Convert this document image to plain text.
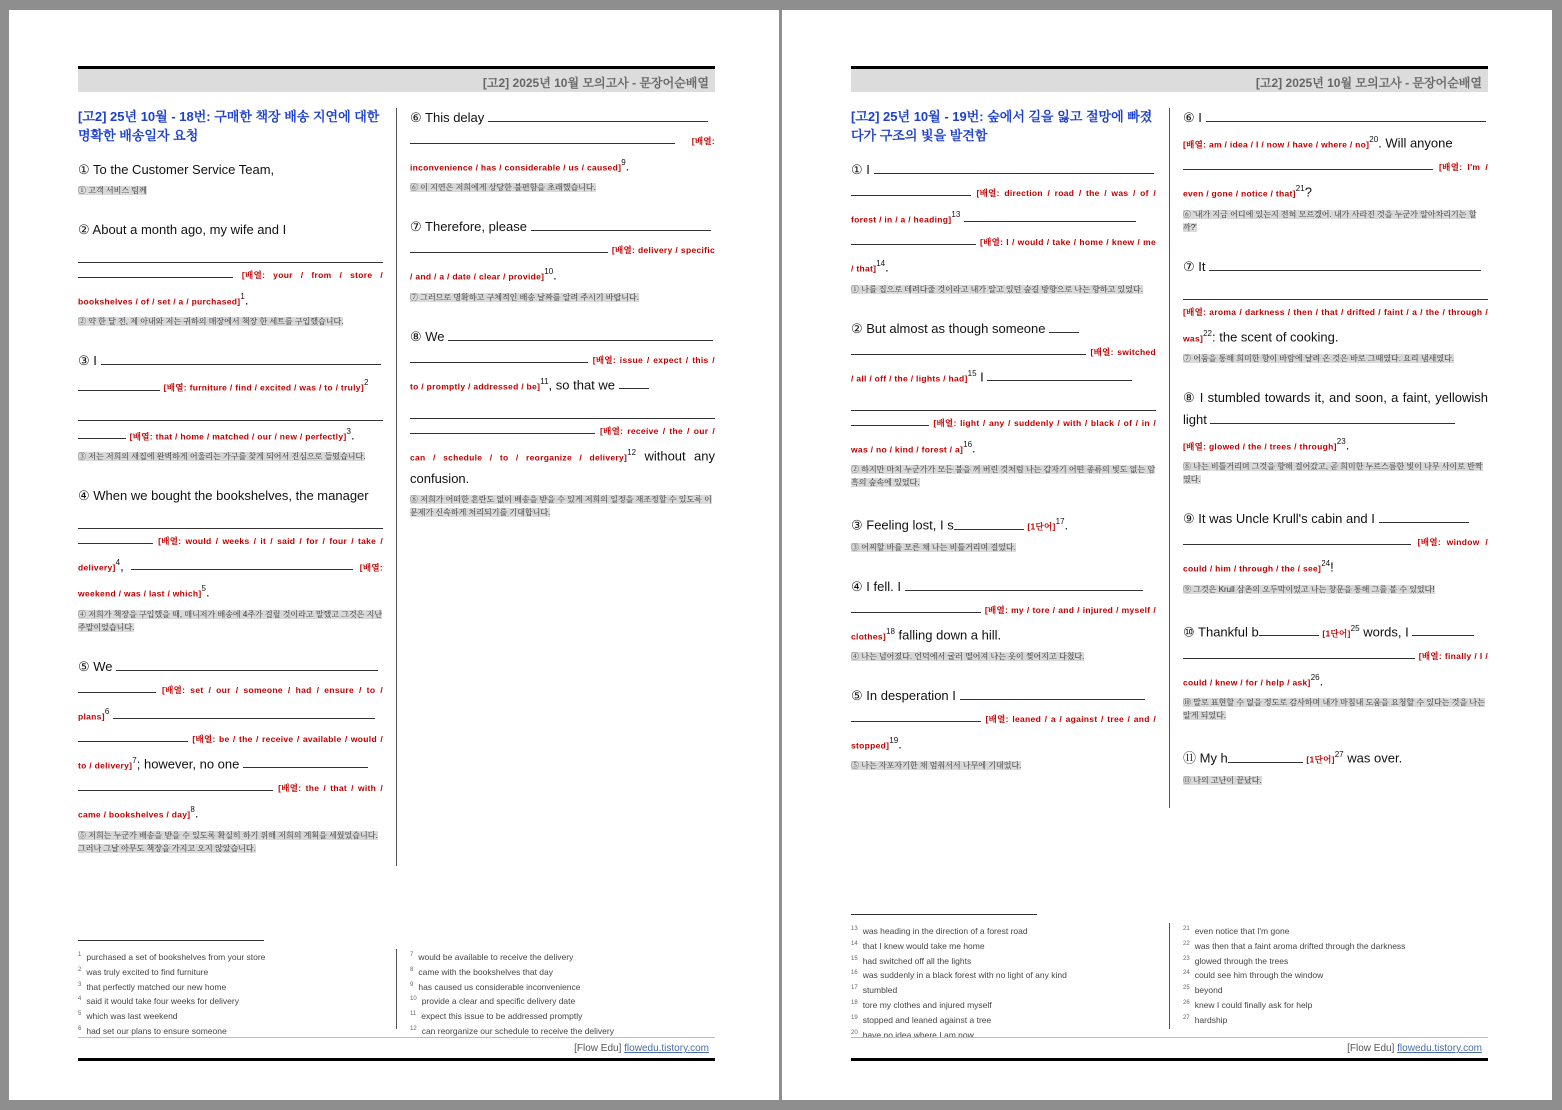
[고2] 2025년 10월 모의고사 - 문장어순배열
[고2] 25년 10월 - 18번: 구매한 책장 배송 지연에 대한 명확한 배송일자 요청
① To the Customer Service Team,
① 고객 서비스 팀께
② About a month ago, my wife and I
[배열: your / from / store / bookshelves / of / set / a / purchased]$^1$.
② 약 한 달 전, 제 아내와 저는 귀하의 매장에서 책장 한 세트를 구입했습니다.
③ I
[배열: furniture / find / excited / was / to / truly]$^2$
[배열: that / home / matched / our / new / perfectly]$^3$.
③ 저는 저희의 새집에 완벽하게 어울리는 가구를 찾게 되어서 진심으로 들떴습니다.
④ When we bought the bookshelves, the manager
[배열: would / weeks / it / said / for / four / take / delivery]$^4$,	[배열: weekend / was / last / which]$^5$.
④ 저희가 책장을 구입했을 때, 매니저가 배송에 4주가 걸릴 것이라고 말했고 그것은 지난 주말이었습니다.
⑤ We
[배열: set / our / someone / had / ensure / to / plans]$^6$
[배열: be / the / receive / available / would / to / delivery]$^7$; however, no one
[배열: the / that / with / came / bookshelves / day]$^8$.
⑤ 저희는 누군가 배송을 받을 수 있도록 확실히 하기 위해 저희의 계획을 세웠었습니다. 그러나 그날 아무도 책장을 가지고 오지 않았습니다.
⑥ This delay
[배열: inconvenience / has / considerable / us / caused]$^9$.
⑥ 이 지연은 저희에게 상당한 불편함을 초래했습니다.
⑦ Therefore, please
[배열: delivery / specific / and / a / date / clear / provide]$^{10}$.
⑦ 그러므로 명확하고 구체적인 배송 날짜를 알려 주시기 바랍니다.
⑧ We
[배열: issue / expect / this / to / promptly / addressed / be]$^{11}$, so that we
[배열: receive / the / our / can / schedule / to / reorganize / delivery]$^{12}$ without any confusion.
⑧ 저희가 어떠한 혼란도 없이 배송을 받을 수 있게 저희의 일정을 재조정할 수 있도록 이 문제가 신속하게 처리되기를 기대합니다.
$^1$ purchased a set of bookshelves from your store
$^2$ was truly excited to find furniture
$^3$ that perfectly matched our new home
$^4$ said it would take four weeks for delivery
$^5$ which was last weekend
$^6$ had set our plans to ensure someone
$^7$ would be available to receive the delivery
$^8$ came with the bookshelves that day
$^9$ has caused us considerable inconvenience
$^{10}$ provide a clear and specific delivery date
$^{11}$ expect this issue to be addressed promptly
$^{12}$ can reorganize our schedule to receive the delivery
[Flow Edu] flowedu.tistory.com
[고2] 2025년 10월 모의고사 - 문장어순배열
[고2] 25년 10월 - 19번: 숲에서 길을 잃고 절망에 빠졌다가 구조의 빛을 발견함
① I
[배열: direction / road / the / was / of / forest / in / a / heading]$^{13}$
[배열: I / would / take / home / knew / me / that]$^{14}$.
① 나를 집으로 데려다줄 것이라고 내가 알고 있던 숲길 방향으로 나는 향하고 있었다.
② But almost as though someone
[배열: switched / all / off / the / lights / had]$^{15}$ I
[배열: light / any / suddenly / with / black / of / in / was / no / kind / forest / a]$^{16}$.
② 하지만 마치 누군가가 모든 불을 꺼 버린 것처럼 나는 갑자기 어떤 종류의 빛도 없는 암흑의 숲속에 있었다.
③ Feeling lost, I s	[1단어]$^{17}$.
③ 어찌할 바를 모른 채 나는 비틀거리며 걸었다.
④ I fell. I
[배열: my / tore / and / injured / myself / clothes]$^{18}$ falling down a hill.
④ 나는 넘어졌다. 언덕에서 굴러 떨어져 나는 옷이 찢어지고 다쳤다.
⑤ In desperation I
[배열: leaned / a / against / tree / and / stopped]$^{19}$.
⑤ 나는 자포자기한 채 멈춰서서 나무에 기대었다.
⑥ I
[배열: am / idea / I / now / have / where / no]$^{20}$. Will anyone
[배열: I'm / even / gone / notice / that]$^{21}$?
⑥ '내가 지금 어디에 있는지 전혀 모르겠어. 내가 사라진 것을 누군가 알아차리기는 할까?'
⑦ It
[배열: aroma / darkness / then / that / drifted / faint / a / the / through / was]$^{22}$: the scent of cooking.
⑦ 어둠을 통해 희미한 향이 바람에 날려 온 것은 바로 그때였다. 요리 냄새였다.
⑧ I stumbled towards it, and soon, a faint, yellowish light
[배열: glowed / the / trees / through]$^{23}$.
⑧ 나는 비틀거리며 그것을 향해 걸어갔고, 곧 희미한 누르스름한 빛이 나무 사이로 반짝였다.
⑨ It was Uncle Krull's cabin and I
[배열: window / could / him / through / the / see]$^{24}$!
⑨ 그것은 Krull 삼촌의 오두막이었고 나는 창문을 통해 그를 볼 수 있었다!
⑩ Thankful b	[1단어]$^{25}$ words, I
[배열: finally / I / could / knew / for / help / ask]$^{26}$.
⑩ 말로 표현할 수 없을 정도로 감사하며 내가 마침내 도움을 요청할 수 있다는 것을 나는 알게 되었다.
⑪ My h	[1단어]$^{27}$ was over.
⑪ 나의 고난이 끝났다.
$^{13}$ was heading in the direction of a forest road
$^{14}$ that I knew would take me home
$^{15}$ had switched off all the lights
$^{16}$ was suddenly in a black forest with no light of any kind
$^{17}$ stumbled
$^{18}$ tore my clothes and injured myself
$^{19}$ stopped and leaned against a tree
$^{20}$ have no idea where I am now
$^{21}$ even notice that I'm gone
$^{22}$ was then that a faint aroma drifted through the darkness
$^{23}$ glowed through the trees
$^{24}$ could see him through the window
$^{25}$ beyond
$^{26}$ knew I could finally ask for help
$^{27}$ hardship
[Flow Edu] flowedu.tistory.com
